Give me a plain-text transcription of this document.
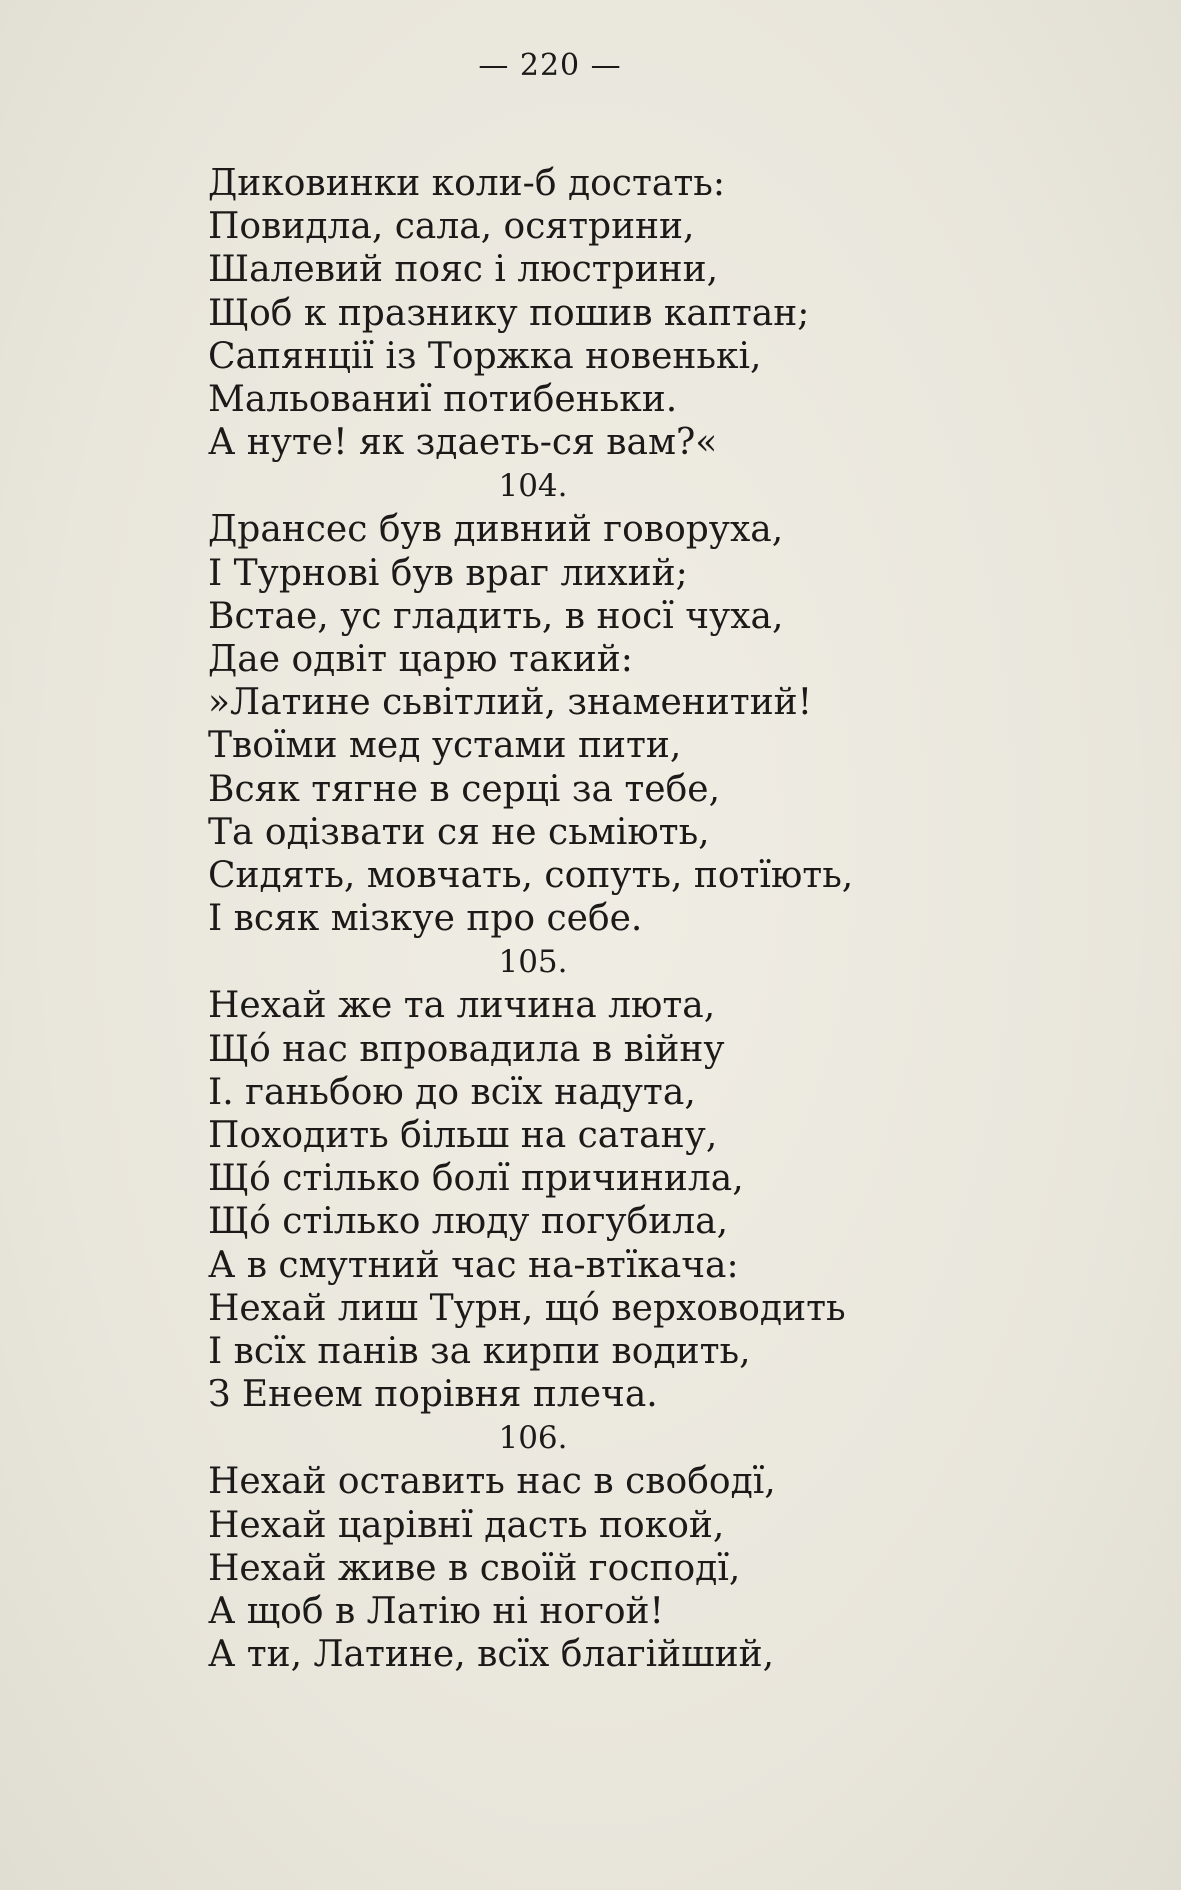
— 220 —
Диковинки коли-б достать:
Повидла, сала, осятрини,
Шалевий пояс і люстрини,
Щоб к празнику пошив каптан;
Сапянції із Торжка новенькі,
Мальованиї потибеньки.
А нуте! як здаеть-ся вам?«
104.
Дрансес був дивний говоруха,
І Турнові був враг лихий;
Встае, ус гладить, в носї чуха,
Дае одвіт царю такий:
»Латине сьвітлий, знаменитий!
Твоїми мед устами пити,
Всяк тягне в серці за тебе,
Та одізвати ся не сьміють,
Сидять, мовчать, сопуть, потїють,
І всяк мізкуе про себе.
105.
Нехай же та личина люта,
Щó нас впровадила в війну
І. ганьбою до всїх надута,
Походить більш на сатану,
Щó стілько болї причинила,
Щó стілько люду погубила,
А в смутний час на-втїкача:
Нехай лиш Турн, щó верховодить
І всїх панів за кирпи водить,
З Енеем порівня плеча.
106.
Нехай оставить нас в свободї,
Нехай царівнї дасть покой,
Нехай живе в своїй господї,
А щоб в Латію ні ногой!
А ти, Латине, всїх благійший,
